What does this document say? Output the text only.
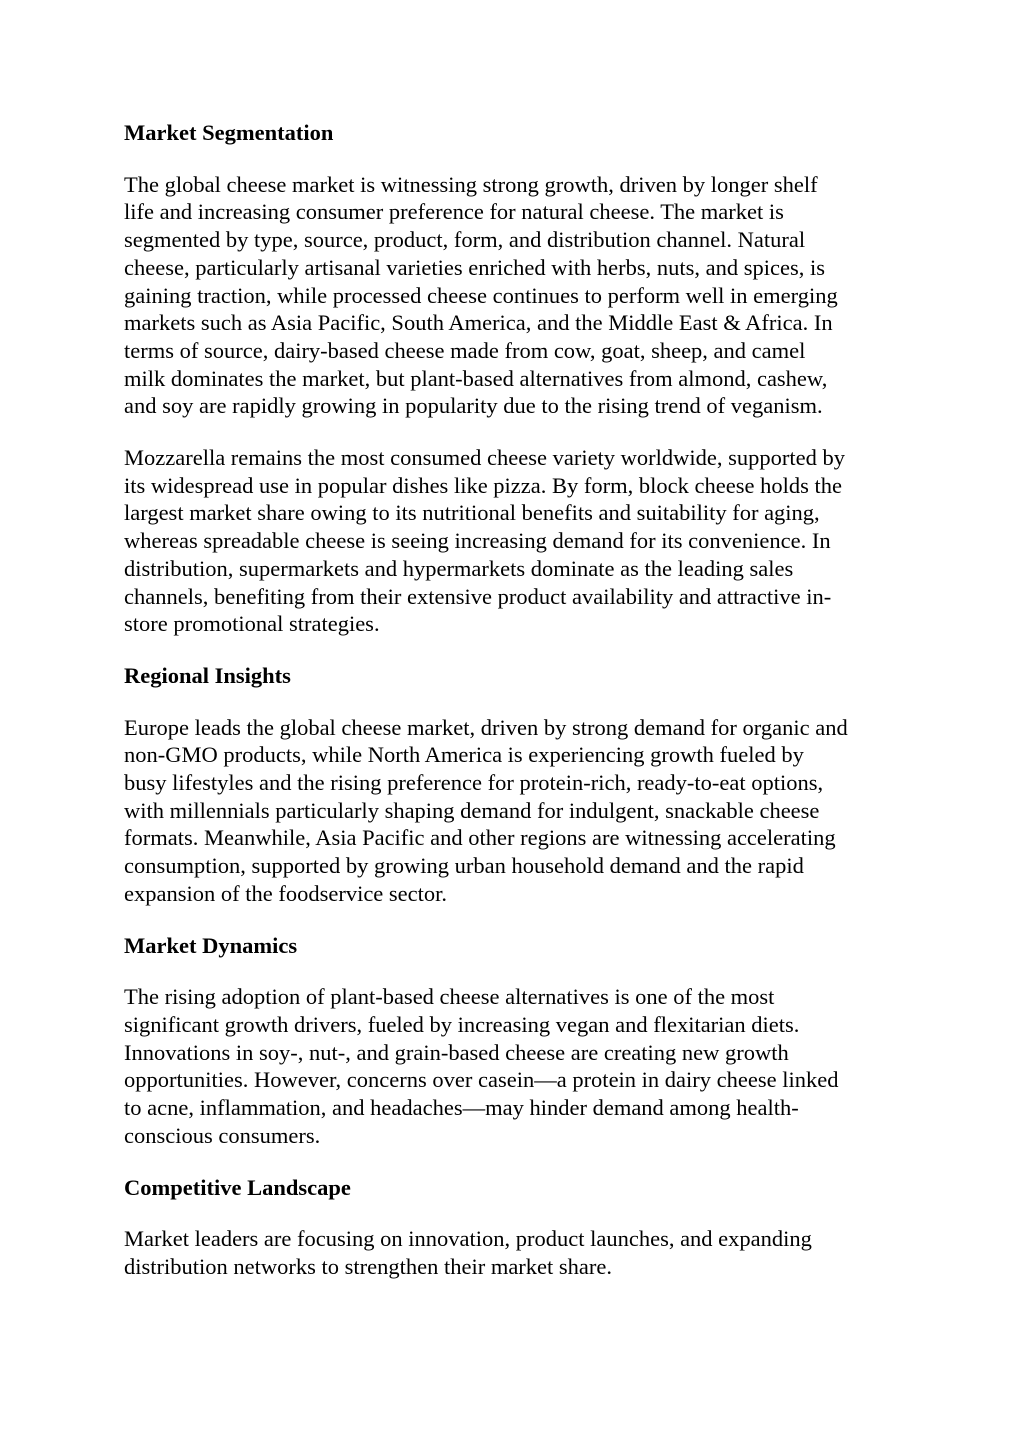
Market Segmentation

The global cheese market is witnessing strong growth, driven by longer shelf
life and increasing consumer preference for natural cheese. The market is
segmented by type, source, product, form, and distribution channel. Natural
cheese, particularly artisanal varieties enriched with herbs, nuts, and spices, is
gaining traction, while processed cheese continues to perform well in emerging
markets such as Asia Pacific, South America, and the Middle East & Africa. In
terms of source, dairy-based cheese made from cow, goat, sheep, and camel
milk dominates the market, but plant-based alternatives from almond, cashew,
and soy are rapidly growing in popularity due to the rising trend of veganism.

Mozzarella remains the most consumed cheese variety worldwide, supported by
its widespread use in popular dishes like pizza. By form, block cheese holds the
largest market share owing to its nutritional benefits and suitability for aging,
whereas spreadable cheese is seeing increasing demand for its convenience. In
distribution, supermarkets and hypermarkets dominate as the leading sales
channels, benefiting from their extensive product availability and attractive in-
store promotional strategies.

Regional Insights

Europe leads the global cheese market, driven by strong demand for organic and
non-GMO products, while North America is experiencing growth fueled by
busy lifestyles and the rising preference for protein-rich, ready-to-eat options,
with millennials particularly shaping demand for indulgent, snackable cheese
formats. Meanwhile, Asia Pacific and other regions are witnessing accelerating
consumption, supported by growing urban household demand and the rapid
expansion of the foodservice sector.

Market Dynamics

The rising adoption of plant-based cheese alternatives is one of the most
significant growth drivers, fueled by increasing vegan and flexitarian diets.
Innovations in soy-, nut-, and grain-based cheese are creating new growth
opportunities. However, concerns over casein—a protein in dairy cheese linked
to acne, inflammation, and headaches—may hinder demand among health-
conscious consumers.

Competitive Landscape

Market leaders are focusing on innovation, product launches, and expanding
distribution networks to strengthen their market share.
